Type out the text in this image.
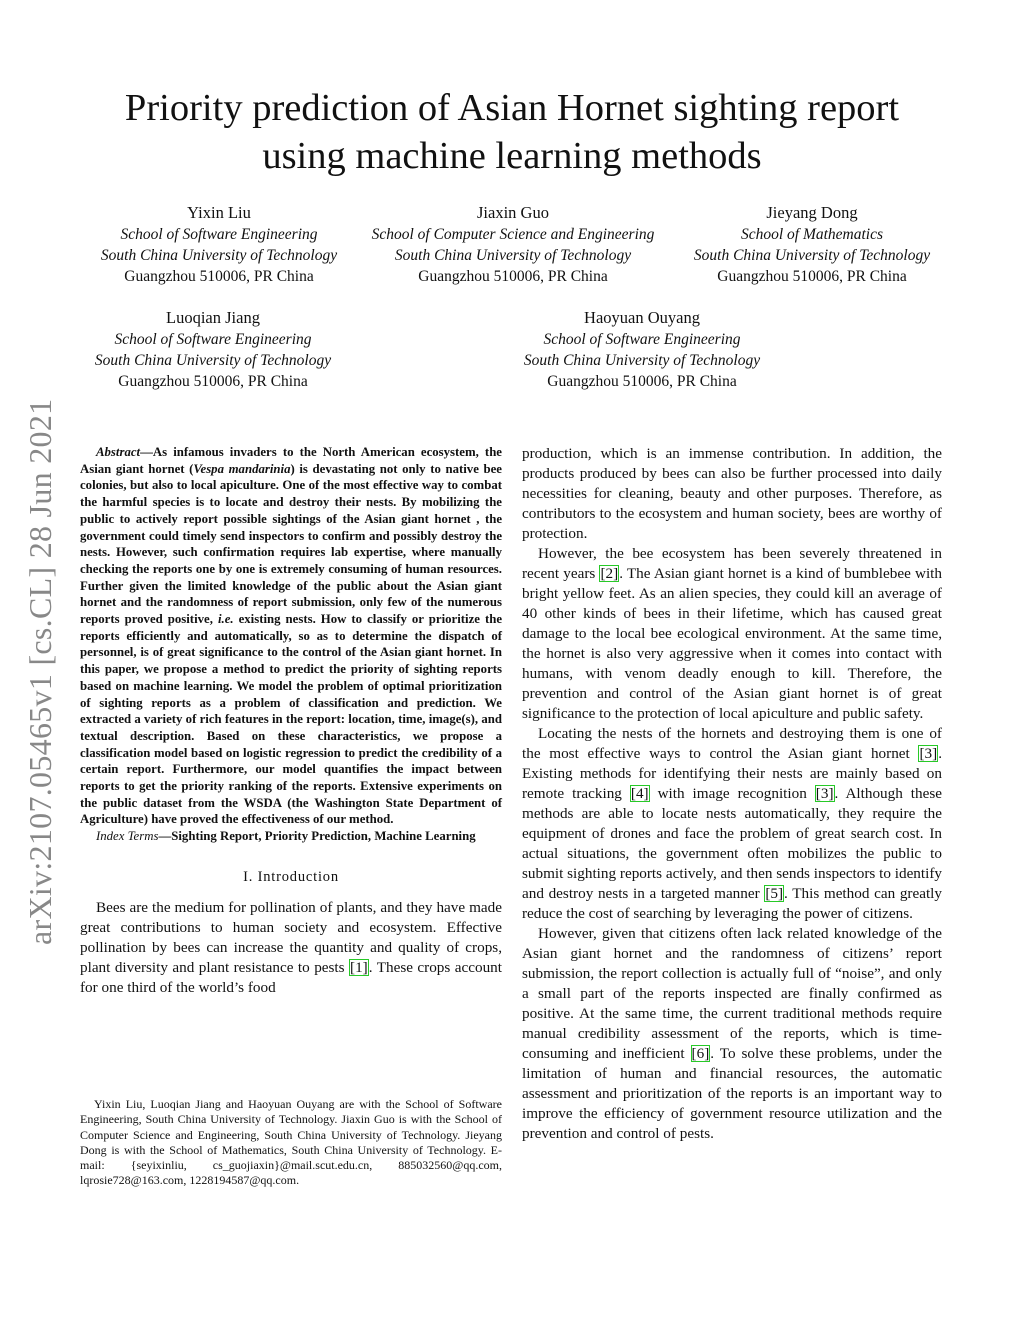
arXiv:2107.05465v1 [cs.CL] 28 Jun 2021
Priority prediction of Asian Hornet sighting report
using machine learning methods
Yixin Liu
School of Software Engineering
South China University of Technology
Guangzhou 510006, PR China
Jiaxin Guo
School of Computer Science and Engineering
South China University of Technology
Guangzhou 510006, PR China
Jieyang Dong
School of Mathematics
South China University of Technology
Guangzhou 510006, PR China
Luoqian Jiang
School of Software Engineering
South China University of Technology
Guangzhou 510006, PR China
Haoyuan Ouyang
School of Software Engineering
South China University of Technology
Guangzhou 510006, PR China

Abstract—As infamous invaders to the North American ecosystem, the Asian giant hornet (Vespa mandarinia) is devastating not only to native bee colonies, but also to local apiculture. One of the most effective way to combat the harmful species is to locate and destroy their nests. By mobilizing the public to actively report possible sightings of the Asian giant hornet , the government could timely send inspectors to confirm and possibly destroy the nests. However, such confirmation requires lab expertise, where manually checking the reports one by one is extremely consuming of human resources. Further given the limited knowledge of the public about the Asian giant hornet and the randomness of report submission, only few of the numerous reports proved positive, i.e. existing nests. How to classify or prioritize the reports efficiently and automatically, so as to determine the dispatch of personnel, is of great significance to the control of the Asian giant hornet. In this paper, we propose a method to predict the priority of sighting reports based on machine learning. We model the problem of optimal prioritization of sighting reports as a problem of classification and prediction. We extracted a variety of rich features in the report: location, time, image(s), and textual description. Based on these characteristics, we propose a classification model based on logistic regression to predict the credibility of a certain report. Furthermore, our model quantifies the impact between reports to get the priority ranking of the reports. Extensive experiments on the public dataset from the WSDA (the Washington State Department of Agriculture) have proved the effectiveness of our method.

Index Terms—Sighting Report, Priority Prediction, Machine Learning

I. Introduction

Bees are the medium for pollination of plants, and they have made great contributions to human society and ecosystem. Effective pollination by bees can increase the quantity and quality of crops, plant diversity and plant resistance to pests [1]. These crops account for one third of the world’s food

Yixin Liu, Luoqian Jiang and Haoyuan Ouyang are with the School of Software Engineering, South China University of Technology. Jiaxin Guo is with the School of Computer Science and Engineering, South China University of Technology. Jieyang Dong is with the School of Mathematics, South China University of Technology. E-mail: {seyixinliu, cs_guojiaxin}@mail.scut.edu.cn, 885032560@qq.com, lqrosie728@163.com, 1228194587@qq.com.

production, which is an immense contribution. In addition, the products produced by bees can also be further processed into daily necessities for cleaning, beauty and other purposes. Therefore, as contributors to the ecosystem and human society, bees are worthy of protection.

However, the bee ecosystem has been severely threatened in recent years [2]. The Asian giant hornet is a kind of bumblebee with bright yellow feet. As an alien species, they could kill an average of 40 other kinds of bees in their lifetime, which has caused great damage to the local bee ecological environment. At the same time, the hornet is also very aggressive when it comes into contact with humans, with venom deadly enough to kill. Therefore, the prevention and control of the Asian giant hornet is of great significance to the protection of local apiculture and public safety.

Locating the nests of the hornets and destroying them is one of the most effective ways to control the Asian giant hornet [3]. Existing methods for identifying their nests are mainly based on remote tracking [4] with image recognition [3]. Although these methods are able to locate nests automatically, they require the equipment of drones and face the problem of great search cost. In actual situations, the government often mobilizes the public to submit sighting reports actively, and then sends inspectors to identify and destroy nests in a targeted manner [5]. This method can greatly reduce the cost of searching by leveraging the power of citizens.

However, given that citizens often lack related knowledge of the Asian giant hornet and the randomness of citizens’ report submission, the report collection is actually full of “noise”, and only a small part of the reports inspected are finally confirmed as positive. At the same time, the current traditional methods require manual credibility assessment of the reports, which is time-consuming and inefficient [6]. To solve these problems, under the limitation of human and financial resources, the automatic assessment and prioritization of the reports is an important way to improve the efficiency of government resource utilization and the prevention and control of pests.
